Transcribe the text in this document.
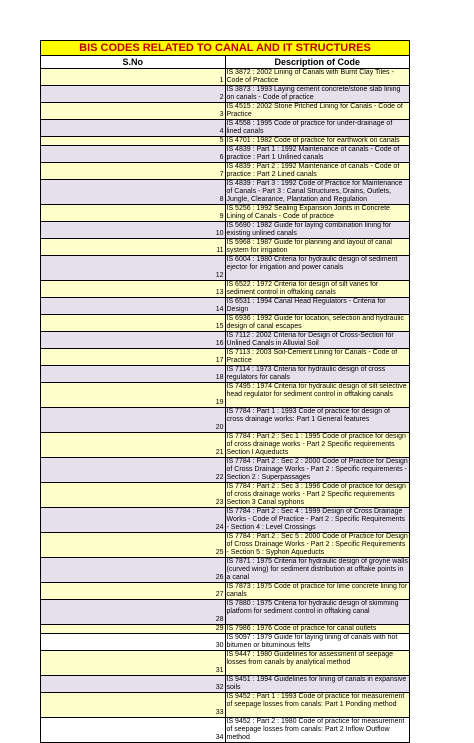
BIS CODES RELATED TO CANAL AND IT STRUCTURES	
S.No	Description of Code
1	IS 3872 : 2002 Lining of Canals with Burnt Clay Tiles - Code of Practice
2	IS 3873 : 1993 Laying cement concrete/stone slab lining on canals - Code of practice
3	IS 4515 : 2002 Stone Pitched Lining for Canals - Code of Practice
4	IS 4558 : 1995 Code of practice for under-drainage of lined canals
5	IS 4701 : 1982 Code of practice for earthwork on canals
6	IS 4839 : Part 1 : 1992 Maintenance of canals - Code of practice : Part 1 Unlined canals
7	IS 4839 : Part 2 : 1992 Maintenance of canals - Code of practice : Part 2 Lined canals
8	IS 4839 : Part 3 : 1992 Code of Practice for Maintenance of Canals - Part 3 : Canal Structures, Drains, Outlets, Jungle, Clearance, Plantation and Regulation
9	IS 5256 : 1992 Sealing Expansion Joints in Concrete Lining of Canals - Code of practice
10	IS 5690 : 1982 Guide for laying combination lining for existing unlined canals
11	IS 5968 : 1987 Guide for planning and layout of canal system for irrigation
12	IS 6004 : 1980 Criteria for hydraulic design of sediment ejector for irrigation and power canals
13	IS 6522 : 1972 Criteria for design of silt vanes for sediment control in offtaking canals
14	IS 6531 : 1994 Canal Head Regulators - Criteria for Design
15	IS 6936 : 1992 Guide for location, selection and hydraulic design of canal escapes
16	IS 7112 : 2002 Criteria for Design of Cross-Section for Unlined Canals in Alluvial Soil
17	IS 7113 : 2003 Soil-Cement Lining for Canals - Code of Practice
18	IS 7114 : 1973 Criteria for hydraulic design of cross regulators for canals
19	IS 7495 : 1974 Criteria for hydraulic design of silt selective head regulator for sediment control in offtaking canals
20	IS 7784 : Part 1 : 1993 Code of practice for design of cross drainage works: Part 1 General features
21	IS 7784 : Part 2 : Sec 1 : 1995 Code of practice for design of cross drainage works - Part 2 Specific requirements Section I Aqueducts
22	IS 7784 : Part 2 : Sec 2 : 2000 Code of Practice for Design of Cross Drainage Works - Part 2 : Specific requirements - Section 2 : Superpassages
23	IS 7784 : Part 2 : Sec 3 : 1996 Code of practice for design of cross drainage works - Part 2 Specific requirements Section 3 Canal syphons
24	IS 7784 : Part 2 : Sec 4 : 1999 Design of Cross Drainage Works - Code of Practice - Part 2 : Specific Requirements - Section 4 : Level Crossings
25	IS 7784 : Part 2 : Sec 5 : 2000 Code of Practice for Design of Cross Drainage Works - Part 2 : Specific Requirements - Section 5 : Syphon Aqueducts
26	IS 7871 : 1975 Criteria for hydraulic design of groyne walls (curved wing) for sediment distribution at offtake points in a canal
27	IS 7873 : 1975 Code of practice for lime concrete lining for canals
28	IS 7880 : 1975 Criteria for hydraulic design of skimming platform for sediment control in offtaking canal
29	IS 7986 : 1976 Code of practice for canal outlets
30	IS 9097 : 1979 Guide for laying lining of canals with hot bitumen or bituminous felts
31	IS 9447 : 1980 Guidelines for assessment of seepage losses from canals by analytical method
32	IS 9451 : 1994 Guidelines for lining of canals in expansive soils
33	IS 9452 : Part 1 : 1993 Code of practice for measurement of seepage losses from canals: Part 1 Ponding method
34	IS 9452 : Part 2 : 1980 Code of practice for measurement of seepage losses from canals: Part 2 Inflow Outflow method
